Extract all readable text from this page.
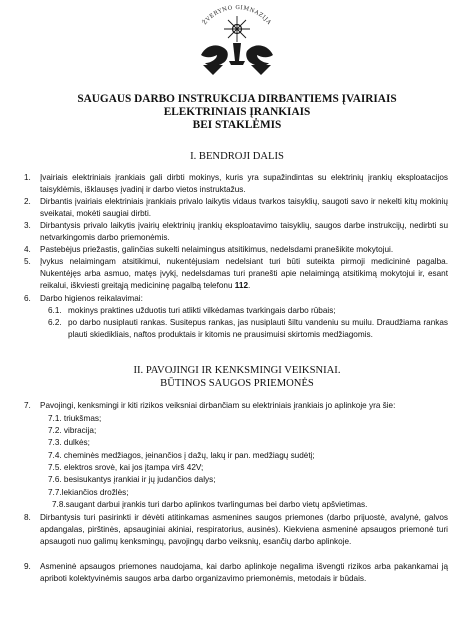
ŽVERYNO GIMNAZIJA
SAUGAUS DARBO INSTRUKCIJA DIRBANTIEMS ĮVAIRIAIS
ELEKTRINIAIS ĮRANKIAIS
BEI STAKLĖMIS
I. BENDROJI DALIS
1.	Įvairiais elektriniais įrankiais gali dirbti mokinys, kuris yra supažindintas su elektrinių įrankių eksploatacijos taisyklėmis, išklausęs įvadinį ir darbo vietos instruktažus.
2.	Dirbantis įvairiais elektriniais įrankiais privalo laikytis vidaus tvarkos taisyklių, saugoti savo ir nekelti kitų mokinių sveikatai, mokėti saugiai dirbti.
3.	Dirbantysis privalo laikytis įvairių elektrinių įrankių eksploatavimo taisyklių, saugos darbe instrukcijų, nedirbti su netvarkingomis darbo priemonėmis.
4.	Pastebėjus priežastis, galinčias sukelti nelaimingus atsitikimus, nedelsdami pranešikite mokytojui.
5.	Įvykus nelaimingam atsitikimui, nukentėjusiam nedelsiant turi būti suteikta pirmoji medicininė pagalba. Nukentėjęs arba asmuo, matęs įvykį, nedelsdamas turi pranešti apie nelaimingą atsitikimą mokytojui ir, esant reikalui, iškviesti greitąją medicininę pagalbą telefonu 112.
6.	Darbo higienos reikalavimai:
6.1. mokinys praktines užduotis turi atlikti vilkėdamas tvarkingais darbo rūbais;
6.2. po darbo nusiplauti rankas. Susitepus rankas, jas nusiplauti šiltu vandeniu su muilu. Draudžiama rankas plauti skiedikliais, naftos produktais ir kitomis ne prausimuisi skirtomis medžiagomis.
II. PAVOJINGI IR KENKSMINGI VEIKSNIAI.
BŪTINOS SAUGOS PRIEMONĖS
7.	Pavojingi, kenksmingi ir kiti rizikos veiksniai dirbančiam su elektriniais įrankiais jo aplinkoje yra šie:
7.1. triukšmas;
7.2. vibracija;
7.3. dulkės;
7.4. cheminės medžiagos, įeinančios į dažų, lakų ir pan. medžiagų sudėtį;
7.5. elektros srovė, kai jos įtampa virš 42V;
7.6. besisukantys įrankiai ir jų judančios dalys;
7.7.lekiančios drožlės;
7.8.saugant darbui įrankis turi darbo aplinkos tvarlingumas bei darbo vietų apšvietimas.
8.	Dirbantysis turi pasirinkti ir dėvėti atitinkamas asmenines saugos priemones (darbo prijuostė, avalynė, galvos apdangalas, pirštinės, apsauginiai akiniai, respiratorius, ausinės). Kiekviena asmeninė apsaugos priemonė turi apsaugoti nuo galimų kenksmingų, pavojingų darbo veiksnių, esančių darbo aplinkoje.
9.	Asmeninė apsaugos priemones naudojama, kai darbo aplinkoje negalima išvengti rizikos arba pakankamai ją apriboti kolektyvinėmis saugos arba darbo organizavimo priemonėmis, metodais ir būdais.
